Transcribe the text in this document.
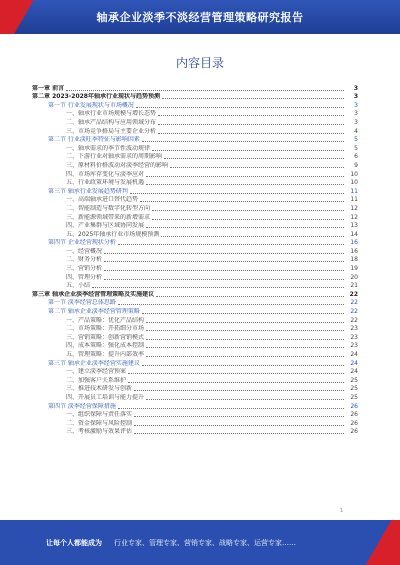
轴承企业淡季不淡经营管理策略研究报告
内容目录
第一章 前言	3
第二章 2023-2028年轴承行业现状与趋势预测	3
第一节 行业发展现状与市场概况	3
一、轴承行业市场规模与增长态势	3
二、轴承产品结构与应用领域分布	3
三、市场竞争格局与主要企业分析	4
第二节 行业淡旺季特征与影响因素	5
一、轴承需求的季节性波动规律	5
二、下游行业对轴承需求的周期影响	6
三、原材料价格波动对淡季经营的影响	9
四、市场库存变化与淡季应对	10
五、行业政策环境与发展机遇	10
第三节 轴承行业发展趋势研判	11
一、高端轴承进口替代趋势	11
二、智能制造与数字化转型方向	12
三、新能源领域带来的新增需求	12
四、产业集群与区域协同发展	13
五、2025年轴承行业市场规模预测	14
第四节 企业经营现状分析	16
一、经营概况	16
二、财务分析	18
三、营销分析	19
四、管理分析	20
五、小结	21
第三章 轴承企业淡季经营管理策略及实施建议	22
第一节 淡季经营总体思路	22
第二节 轴承企业淡季经营管理策略	22
一、产品策略：优化产品结构	22
二、市场策略：开拓细分市场	23
三、营销策略：创新营销模式	23
四、成本策略：强化成本控制	23
五、管理策略：提升内部效率	24
第三节 轴承企业淡季经营实施建议	24
一、建立淡季经营预案	24
二、加强客户关系维护	25
三、推进技术研发与创新	25
四、开展员工培训与能力提升	25
第四节 淡季经营保障措施	26
一、组织保障与责任落实	26
二、资金保障与风险控制	26
三、考核激励与效果评估	26
1
让每个人都能成为 行业专家、管理专家、营销专家、战略专家、运营专家……
